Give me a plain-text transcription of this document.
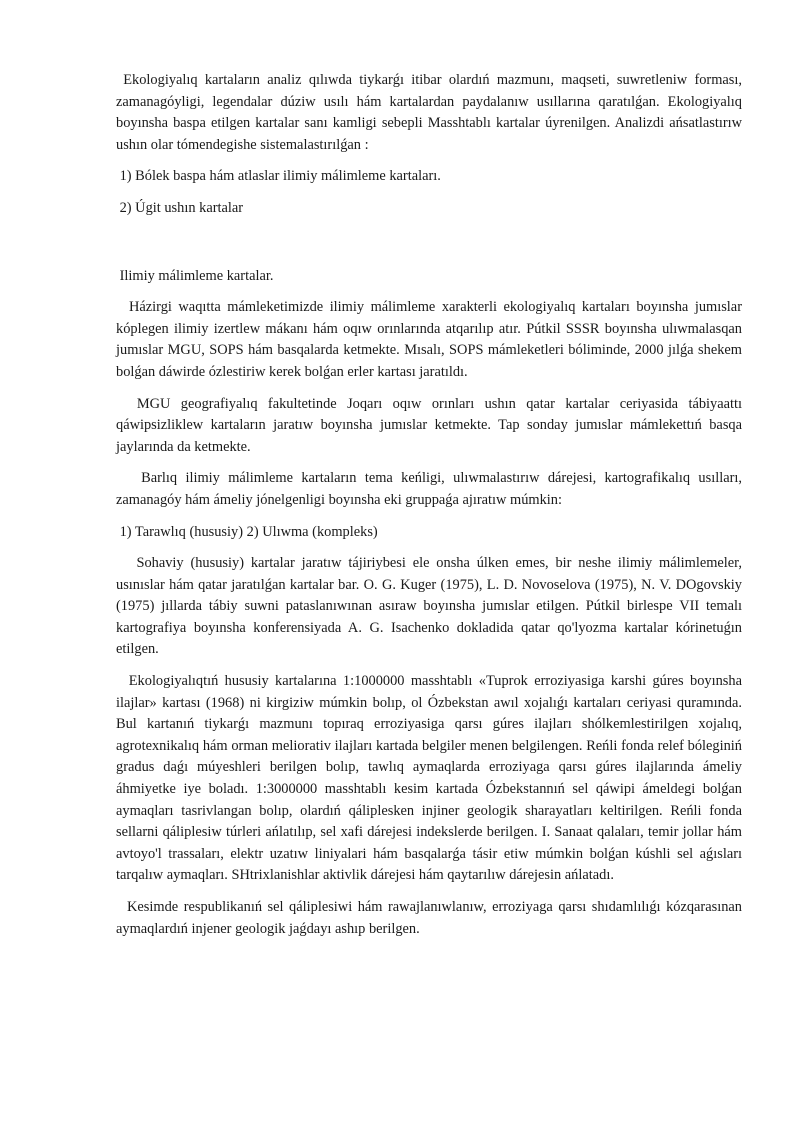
Ekologiyalıq kartaların analiz qılıwda tiykarǵı itibar olardıń mazmunı, maqseti, suwretleniw forması, zamanagóyligi, legendalar dúziw usılı hám kartalardan paydalanıw usıllarına qaratılǵan. Ekologiyalıq boyınsha baspa etilgen kartalar sanı kamligi sebepli Masshtablı kartalar úyrenilgen. Analizdi ańsatlastırıw ushın olar tómendegishe sistemalastırılǵan :

1) Bólek baspa hám atlaslar ilimiy málimleme kartaları.

2) Úgit ushın kartalar

Ilimiy málimleme kartalar.

Házirgi waqıtta mámleketimizde ilimiy málimleme xarakterli ekologiyalıq kartaları boyınsha jumıslar kóplegen ilimiy izertlew mákanı hám oqıw orınlarında atqarılıp atır. Pútkil SSSR boyınsha ulıwmalasqan jumıslar MGU, SOPS hám basqalarda ketmekte. Mısalı, SOPS mámleketleri bóliminde, 2000 jılǵa shekem bolǵan dáwirde ózlestiriw kerek bolǵan erler kartası jaratıldı.

MGU geografiyalıq fakultetinde Joqarı oqıw orınları ushın qatar kartalar ceriyasida tábiyaattı qáwipsizliklew kartaların jaratıw boyınsha jumıslar ketmekte. Tap sonday jumıslar mámlekettıń basqa jaylarında da ketmekte.

Barlıq ilimiy málimleme kartaların tema keńligi, ulıwmalastırıw dárejesi, kartografikalıq usılları, zamanagóy hám ámeliy jónelgenligi boyınsha eki gruppaǵa ajıratıw múmkin:

1) Tarawlıq (hususiy) 2) Ulıwma (kompleks)

Sohaviy (hususiy) kartalar jaratıw tájiriybesi ele onsha úlken emes, bir neshe ilimiy málimlemeler, usınıslar hám qatar jaratılǵan kartalar bar. O. G. Kuger (1975), L. D. Novoselova (1975), N. V. DOgovskiy (1975) jıllarda tábiy suwni pataslanıwınan asıraw boyınsha jumıslar etilgen. Pútkil birlespe VII temalı kartografiya boyınsha konferensiyada A. G. Isachenko dokladida qatar qo'lyozma kartalar kórinetuǵın etilgen.

Ekologiyalıqtıń hususiy kartalarına 1:1000000 masshtablı «Tuprok erroziyasiga karshi gúres boyınsha ilajlar» kartası (1968) ni kirgiziw múmkin bolıp, ol Ózbekstan awıl xojalıǵı kartaları ceriyasi quramında. Bul kartanıń tiykarǵı mazmunı topıraq erroziyasiga qarsı gúres ilajları shólkemlestirilgen xojalıq, agrotexnikalıq hám orman meliorativ ilajları kartada belgiler menen belgilengen. Reńli fonda relef bóleginiń gradus daǵı múyeshleri berilgen bolıp, tawlıq aymaqlarda erroziyaga qarsı gúres ilajlarında ámeliy áhmiyetke iye boladı. 1:3000000 masshtablı kesim kartada Ózbekstannıń sel qáwipi ámeldegi bolǵan aymaqları tasrivlangan bolıp, olardıń qáliplesken injiner geologik sharayatları keltirilgen. Reńli fonda sellarni qáliplesiw túrleri ańlatılıp, sel xafi dárejesi indekslerde berilgen. I. Sanaat qalaları, temir jollar hám avtoyo'l trassaları, elektr uzatıw liniyalari hám basqalarǵa tásir etiw múmkin bolǵan kúshli sel aǵısları tarqalıw aymaqları. SHtrixlanishlar aktivlik dárejesi hám qaytarılıw dárejesin ańlatadı.

Kesimde respublikanıń sel qáliplesiwi hám rawajlanıwlanıw, erroziyaga qarsı shıdamlılıǵı kózqarasınan aymaqlardıń injener geologik jaǵdayı ashıp berilgen.
